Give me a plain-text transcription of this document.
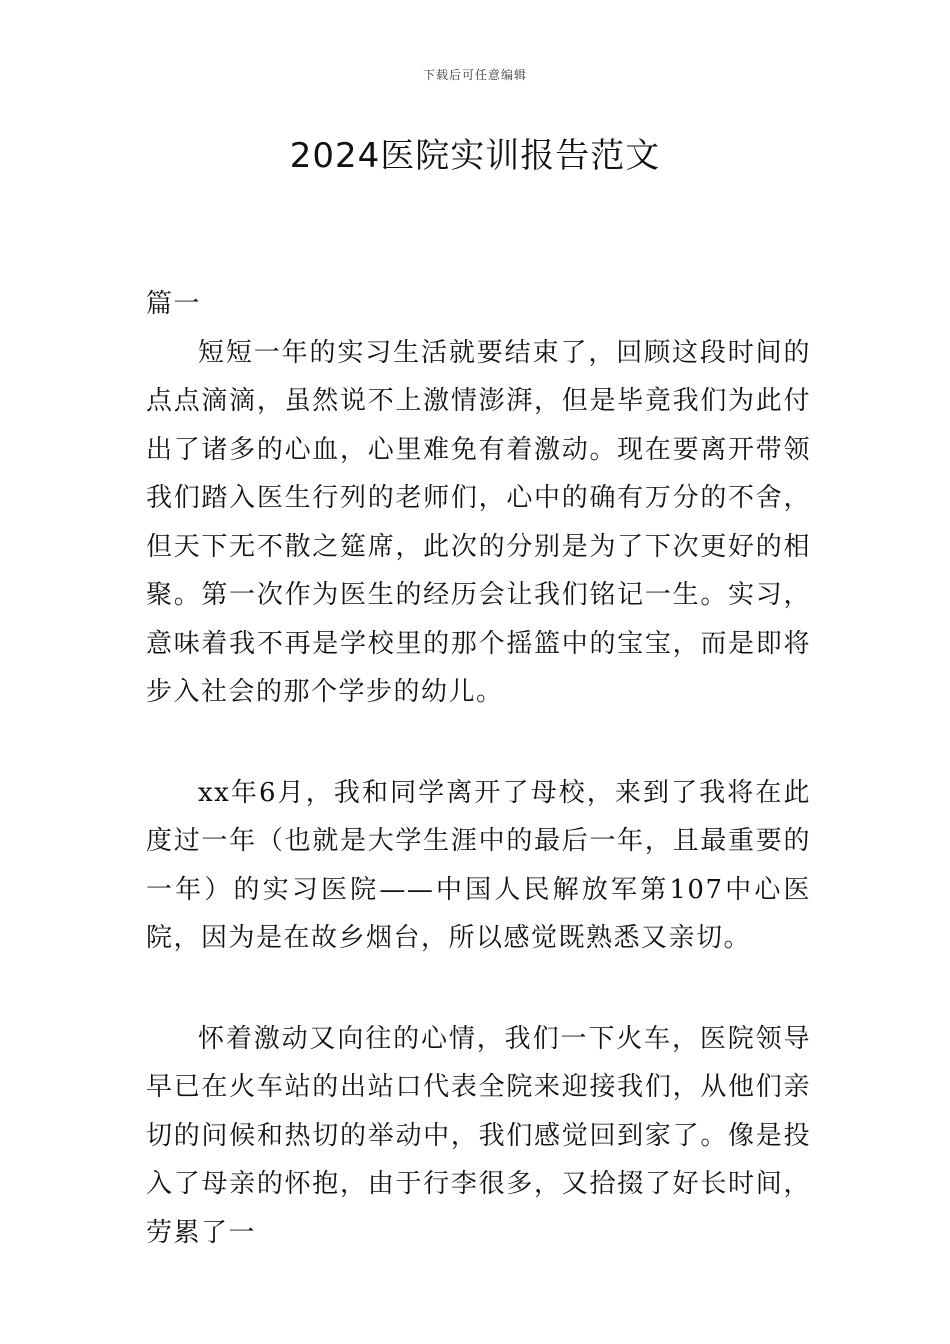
下载后可任意编辑
2024医院实训报告范文

篇一

短短一年的实习生活就要结束了，回顾这段时间的点点滴滴，虽然说不上激情澎湃，但是毕竟我们为此付出了诸多的心血，心里难免有着激动。现在要离开带领我们踏入医生行列的老师们，心中的确有万分的不舍，但天下无不散之筵席，此次的分别是为了下次更好的相聚。第一次作为医生的经历会让我们铭记一生。实习，意味着我不再是学校里的那个摇篮中的宝宝，而是即将步入社会的那个学步的幼儿。

xx年6月，我和同学离开了母校，来到了我将在此度过一年（也就是大学生涯中的最后一年，且最重要的一年）的实习医院——中国人民解放军第107中心医院，因为是在故乡烟台，所以感觉既熟悉又亲切。

怀着激动又向往的心情，我们一下火车，医院领导早已在火车站的出站口代表全院来迎接我们，从他们亲切的问候和热切的举动中，我们感觉回到家了。像是投入了母亲的怀抱，由于行李很多，又拾掇了好长时间，劳累了一
